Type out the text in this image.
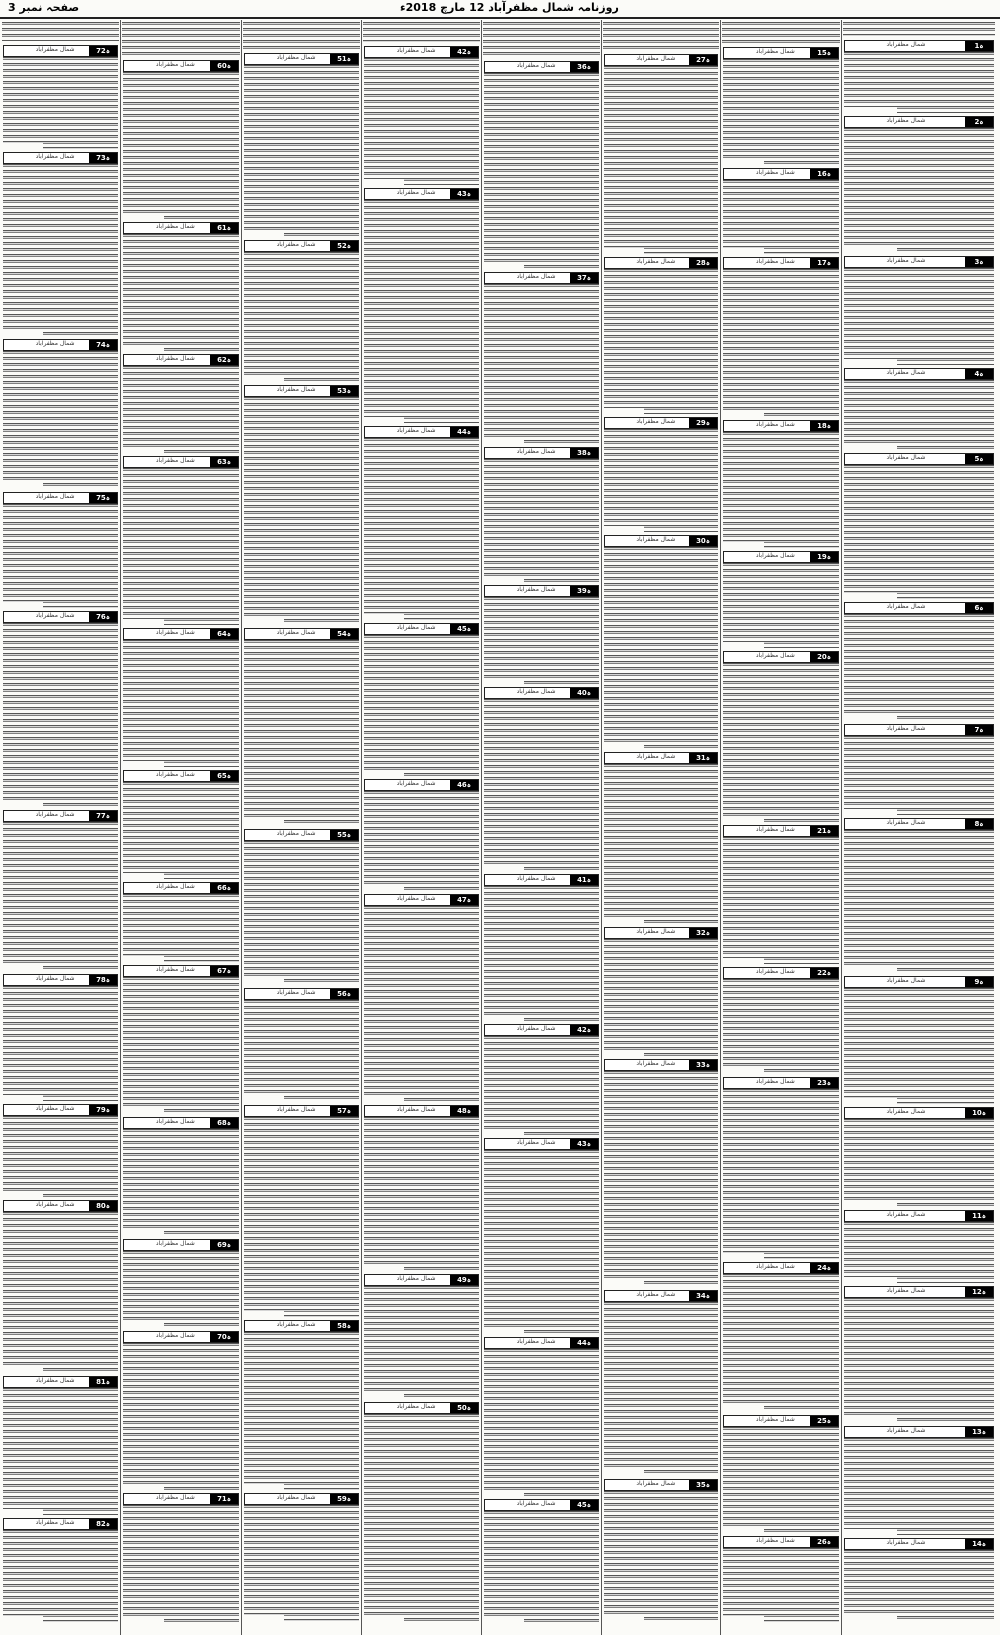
روزنامہ شمال مظفرآباد 12 مارچ 2018ء
صفحہ نمبر 3
شمال مظفرآباد	1ہ
شمال مظفرآباد	2ہ
شمال مظفرآباد	3ہ
شمال مظفرآباد	4ہ
شمال مظفرآباد	5ہ
شمال مظفرآباد	6ہ
شمال مظفرآباد	7ہ
شمال مظفرآباد	8ہ
شمال مظفرآباد	9ہ
شمال مظفرآباد	10ہ
شمال مظفرآباد	11ہ
شمال مظفرآباد	12ہ
شمال مظفرآباد	13ہ
شمال مظفرآباد	14ہ
شمال مظفرآباد	15ہ
شمال مظفرآباد	16ہ
شمال مظفرآباد	17ہ
شمال مظفرآباد	18ہ
شمال مظفرآباد	19ہ
شمال مظفرآباد	20ہ
شمال مظفرآباد	21ہ
شمال مظفرآباد	22ہ
شمال مظفرآباد	23ہ
شمال مظفرآباد	24ہ
شمال مظفرآباد	25ہ
شمال مظفرآباد	26ہ
شمال مظفرآباد	27ہ
شمال مظفرآباد	28ہ
شمال مظفرآباد	29ہ
شمال مظفرآباد	30ہ
شمال مظفرآباد	31ہ
شمال مظفرآباد	32ہ
شمال مظفرآباد	33ہ
شمال مظفرآباد	34ہ
شمال مظفرآباد	35ہ
شمال مظفرآباد	36ہ
شمال مظفرآباد	37ہ
شمال مظفرآباد	38ہ
شمال مظفرآباد	39ہ
شمال مظفرآباد	40ہ
شمال مظفرآباد	41ہ
شمال مظفرآباد	42ہ
شمال مظفرآباد	43ہ
شمال مظفرآباد	44ہ
شمال مظفرآباد	45ہ
شمال مظفرآباد	42ہ
شمال مظفرآباد	43ہ
شمال مظفرآباد	44ہ
شمال مظفرآباد	45ہ
شمال مظفرآباد	46ہ
شمال مظفرآباد	47ہ
شمال مظفرآباد	48ہ
شمال مظفرآباد	49ہ
شمال مظفرآباد	50ہ
شمال مظفرآباد	51ہ
شمال مظفرآباد	52ہ
شمال مظفرآباد	53ہ
شمال مظفرآباد	54ہ
شمال مظفرآباد	55ہ
شمال مظفرآباد	56ہ
شمال مظفرآباد	57ہ
شمال مظفرآباد	58ہ
شمال مظفرآباد	59ہ
شمال مظفرآباد	60ہ
شمال مظفرآباد	61ہ
شمال مظفرآباد	62ہ
شمال مظفرآباد	63ہ
شمال مظفرآباد	64ہ
شمال مظفرآباد	65ہ
شمال مظفرآباد	66ہ
شمال مظفرآباد	67ہ
شمال مظفرآباد	68ہ
شمال مظفرآباد	69ہ
شمال مظفرآباد	70ہ
شمال مظفرآباد	71ہ
شمال مظفرآباد	72ہ
شمال مظفرآباد	73ہ
شمال مظفرآباد	74ہ
شمال مظفرآباد	75ہ
شمال مظفرآباد	76ہ
شمال مظفرآباد	77ہ
شمال مظفرآباد	78ہ
شمال مظفرآباد	79ہ
شمال مظفرآباد	80ہ
شمال مظفرآباد	81ہ
شمال مظفرآباد	82ہ
